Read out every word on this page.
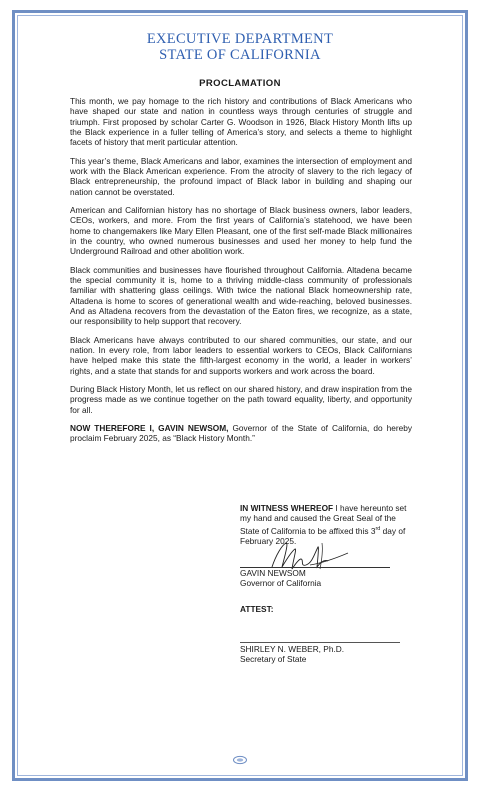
EXECUTIVE DEPARTMENT
STATE OF CALIFORNIA
PROCLAMATION

This month, we pay homage to the rich history and contributions of Black Americans who have shaped our state and nation in countless ways through centuries of struggle and triumph. First proposed by scholar Carter G. Woodson in 1926, Black History Month lifts up the Black experience in a fuller telling of America’s story, and selects a theme to highlight facets of history that merit particular attention.

This year’s theme, Black Americans and labor, examines the intersection of employment and work with the Black American experience. From the atrocity of slavery to the rich legacy of Black entrepreneurship, the profound impact of Black labor in building and shaping our nation cannot be overstated.

American and Californian history has no shortage of Black business owners, labor leaders, CEOs, workers, and more. From the first years of California’s statehood, we have been home to changemakers like Mary Ellen Pleasant, one of the first self-made Black millionaires in the country, who owned numerous businesses and used her money to help fund the Underground Railroad and other abolition work.

Black communities and businesses have flourished throughout California. Altadena became the special community it is, home to a thriving middle-class community of professionals familiar with shattering glass ceilings. With twice the national Black homeownership rate, Altadena is home to scores of generational wealth and wide-reaching, beloved businesses. And as Altadena recovers from the devastation of the Eaton fires, we recognize, as a state, our responsibility to help support that recovery.

Black Americans have always contributed to our shared communities, our state, and our nation. In every role, from labor leaders to essential workers to CEOs, Black Californians have helped make this state the fifth-largest economy in the world, a leader in workers’ rights, and a state that stands for and supports workers and work across the board.

During Black History Month, let us reflect on our shared history, and draw inspiration from the progress made as we continue together on the path toward equality, liberty, and opportunity for all.

NOW THEREFORE I, GAVIN NEWSOM, Governor of the State of California, do hereby proclaim February 2025, as “Black History Month.”

IN WITNESS WHEREOF I have hereunto set my hand and caused the Great Seal of the State of California to be affixed this 3rd day of February 2025.
GAVIN NEWSOM
Governor of California
ATTEST:
SHIRLEY N. WEBER, Ph.D.
Secretary of State
